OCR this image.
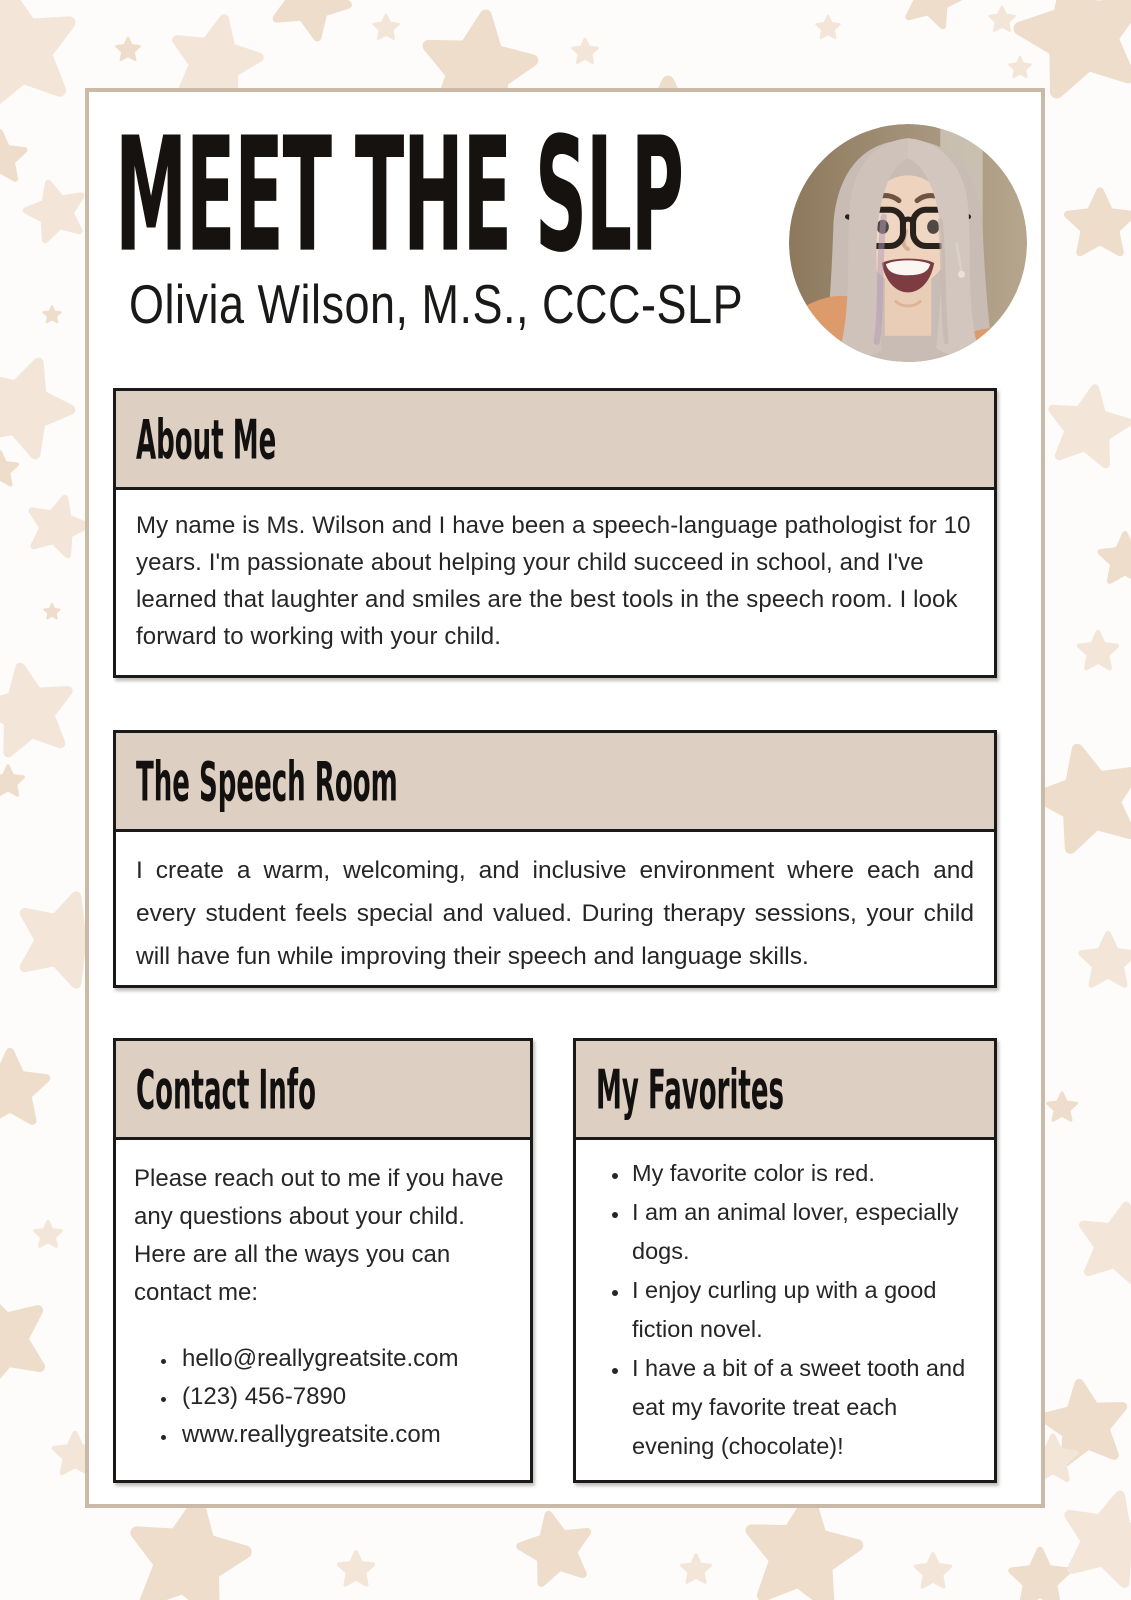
MEET THE SLP
Olivia Wilson, M.S., CCC-SLP
About Me

My name is Ms. Wilson and I have been a speech-language pathologist for 10 years. I'm passionate about helping your child succeed in school, and I've learned that laughter and smiles are the best tools in the speech room. I look forward to working with your child.

The Speech Room

I create a warm, welcoming, and inclusive environment where each and every student feels special and valued. During therapy sessions, your child will have fun while improving their speech and language skills.

Contact Info

Please reach out to me if you have any questions about your child. Here are all the ways you can contact me:

• hello@reallygreatsite.com
• (123) 456-7890
• www.reallygreatsite.com
My Favorites
• My favorite color is red.
• I am an animal lover, especially dogs.
• I enjoy curling up with a good fiction novel.
• I have a bit of a sweet tooth and eat my favorite treat each evening (chocolate)!
